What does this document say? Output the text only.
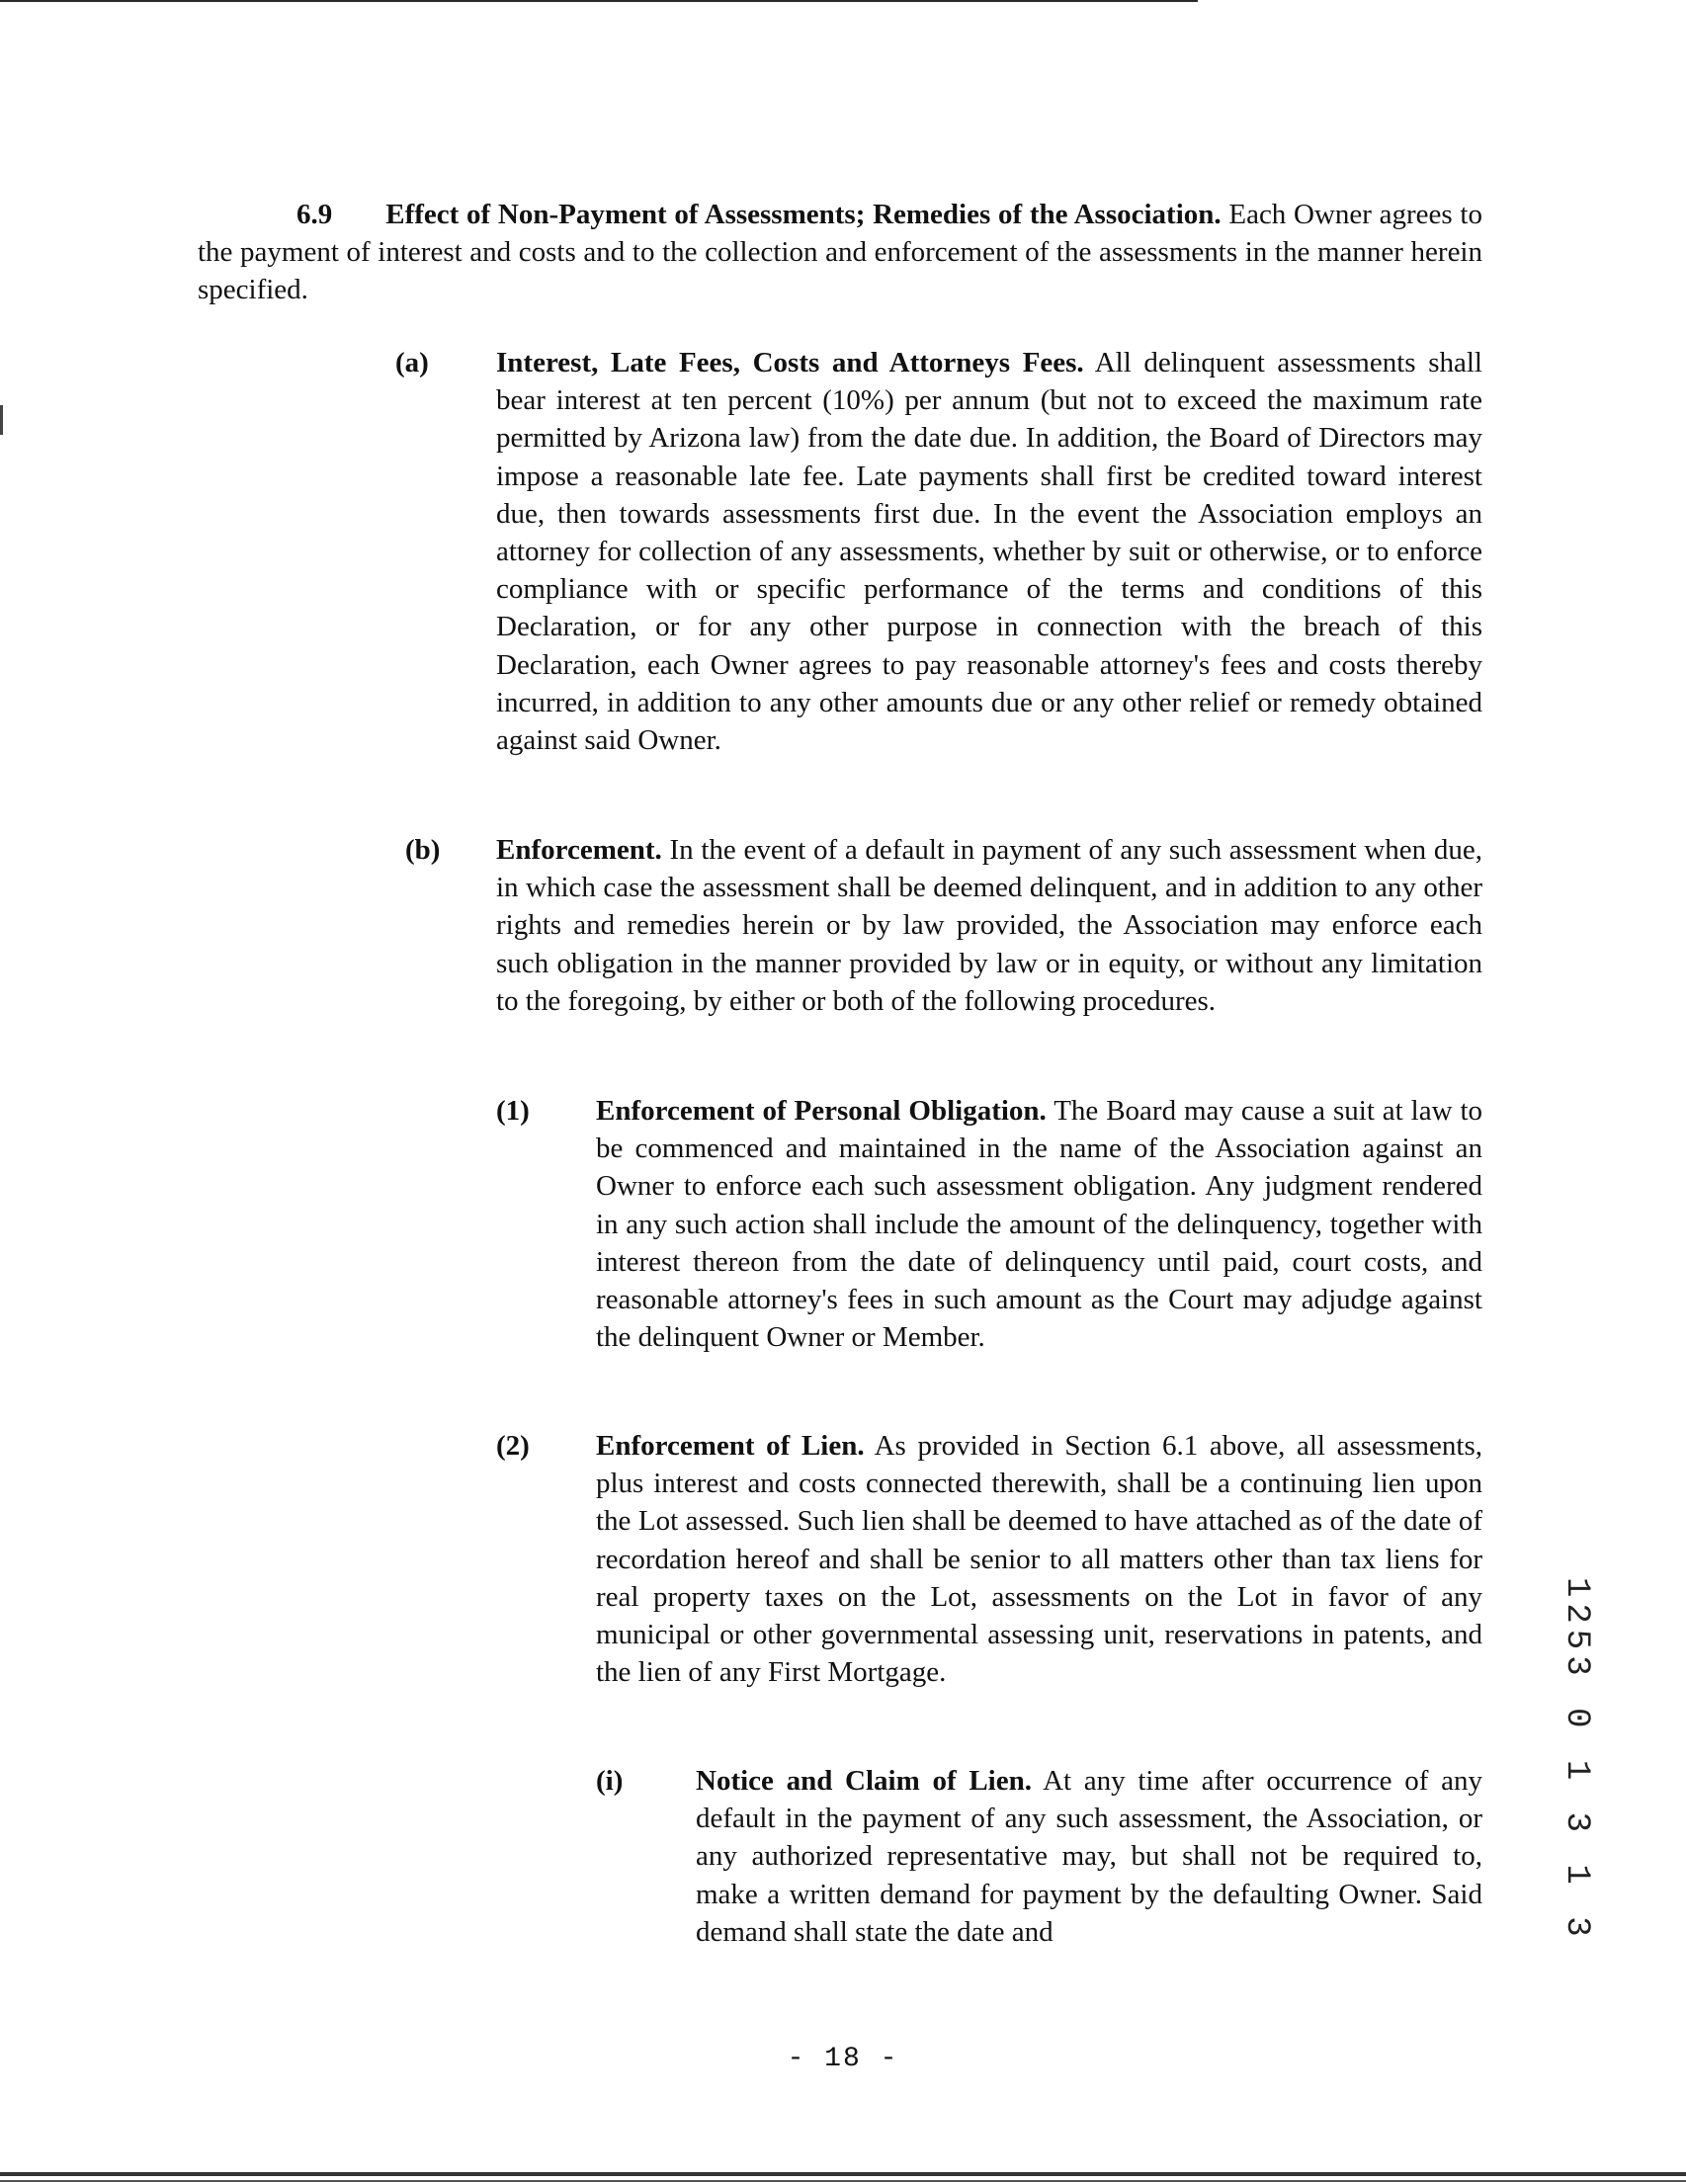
6.9 Effect of Non-Payment of Assessments; Remedies of the Association. Each Owner agrees to the payment of interest and costs and to the collection and enforcement of the assessments in the manner herein specified.

(a) Interest, Late Fees, Costs and Attorneys Fees. All delinquent assessments shall bear interest at ten percent (10%) per annum (but not to exceed the maximum rate permitted by Arizona law) from the date due. In addition, the Board of Directors may impose a reasonable late fee. Late payments shall first be credited toward interest due, then towards assessments first due. In the event the Association employs an attorney for collection of any assessments, whether by suit or otherwise, or to enforce compliance with or specific performance of the terms and conditions of this Declaration, or for any other purpose in connection with the breach of this Declaration, each Owner agrees to pay reasonable attorney's fees and costs thereby incurred, in addition to any other amounts due or any other relief or remedy obtained against said Owner.

(b) Enforcement. In the event of a default in payment of any such assessment when due, in which case the assessment shall be deemed delinquent, and in addition to any other rights and remedies herein or by law provided, the Association may enforce each such obligation in the manner provided by law or in equity, or without any limitation to the foregoing, by either or both of the following procedures.

(1) Enforcement of Personal Obligation. The Board may cause a suit at law to be commenced and maintained in the name of the Association against an Owner to enforce each such assessment obligation. Any judgment rendered in any such action shall include the amount of the delinquency, together with interest thereon from the date of delinquency until paid, court costs, and reasonable attorney's fees in such amount as the Court may adjudge against the delinquent Owner or Member.

(2) Enforcement of Lien. As provided in Section 6.1 above, all assessments, plus interest and costs connected therewith, shall be a continuing lien upon the Lot assessed. Such lien shall be deemed to have attached as of the date of recordation hereof and shall be senior to all matters other than tax liens for real property taxes on the Lot, assessments on the Lot in favor of any municipal or other governmental assessing unit, reservations in patents, and the lien of any First Mortgage.

(i)	Notice and Claim of Lien. At any time after occurrence of any default in the payment of any such assessment, the Association, or any authorized representative may, but shall not be required to, make a written demand for payment by the defaulting Owner. Said demand shall state the date and	1253 0 1 3 1 3
- 18 -
